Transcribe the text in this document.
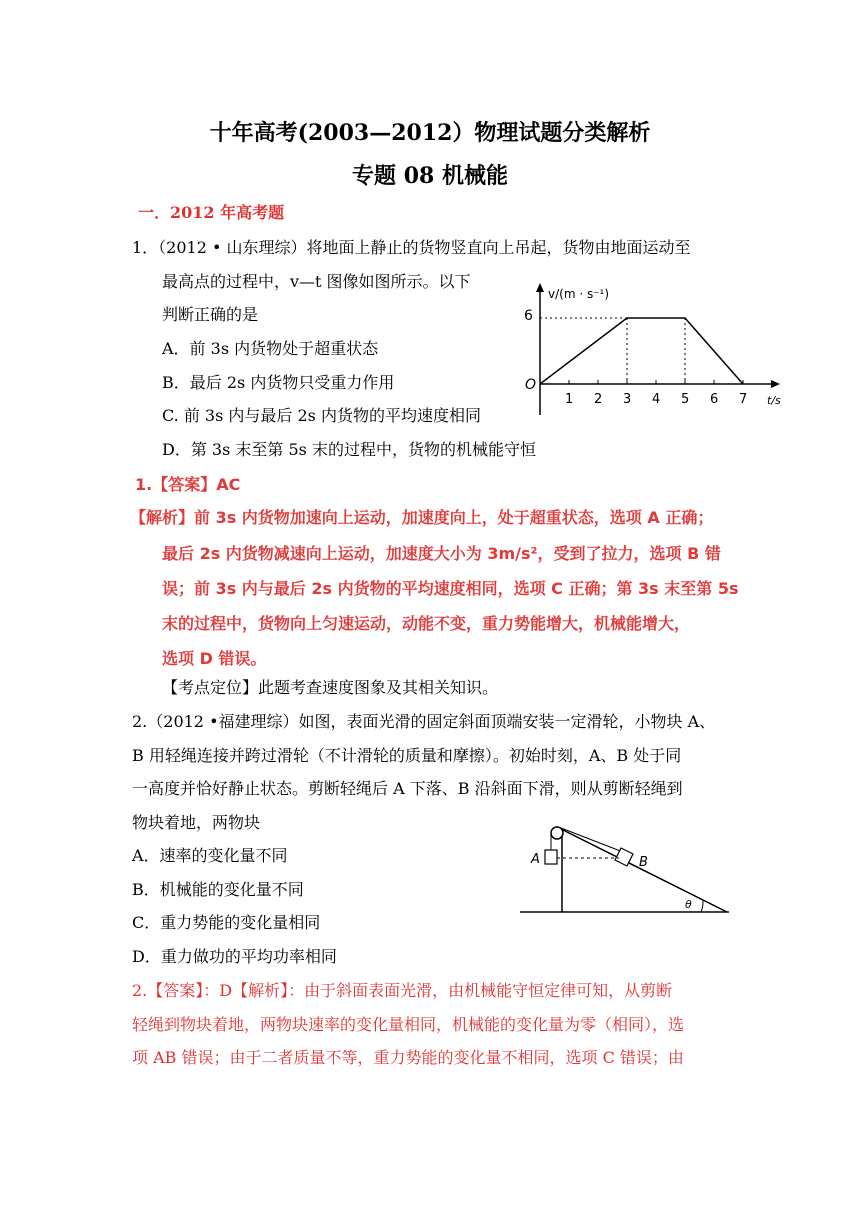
十年高考(2003—2012）物理试题分类解析
专题 08 机械能
一．2012 年高考题
1．（2012 • 山东理综）将地面上静止的货物竖直向上吊起，货物由地面运动至
最高点的过程中，v—t 图像如图所示。以下
判断正确的是
A．前 3s 内货物处于超重状态
B．最后 2s 内货物只受重力作用
C. 前 3s 内与最后 2s 内货物的平均速度相同
D．第 3s 末至第 5s 末的过程中，货物的机械能守恒
v/(m · s⁻¹)
t/s
O
6
1 2 3 4 5 6 7
1.【答案】AC
【解析】前 3s 内货物加速向上运动，加速度向上，处于超重状态，选项 A 正确；
最后 2s 内货物减速向上运动，加速度大小为 3m/s²，受到了拉力，选项 B 错
误；前 3s 内与最后 2s 内货物的平均速度相同，选项 C 正确；第 3s 末至第 5s
末的过程中，货物向上匀速运动，动能不变，重力势能增大，机械能增大，
选项 D 错误。
【考点定位】此题考查速度图象及其相关知识。
2.（2012 •福建理综）如图，表面光滑的固定斜面顶端安装一定滑轮，小物块 A、
B 用轻绳连接并跨过滑轮（不计滑轮的质量和摩擦）。初始时刻，A、B 处于同
一高度并恰好静止状态。剪断轻绳后 A 下落、B 沿斜面下滑，则从剪断轻绳到
物块着地，两物块
A．速率的变化量不同
B．机械能的变化量不同
C．重力势能的变化量相同
D．重力做功的平均功率相同
A	B
θ
2.【答案】：D【解析】：由于斜面表面光滑，由机械能守恒定律可知，从剪断
轻绳到物块着地，两物块速率的变化量相同，机械能的变化量为零（相同），选
项 AB 错误；由于二者质量不等，重力势能的变化量不相同，选项 C 错误；由
